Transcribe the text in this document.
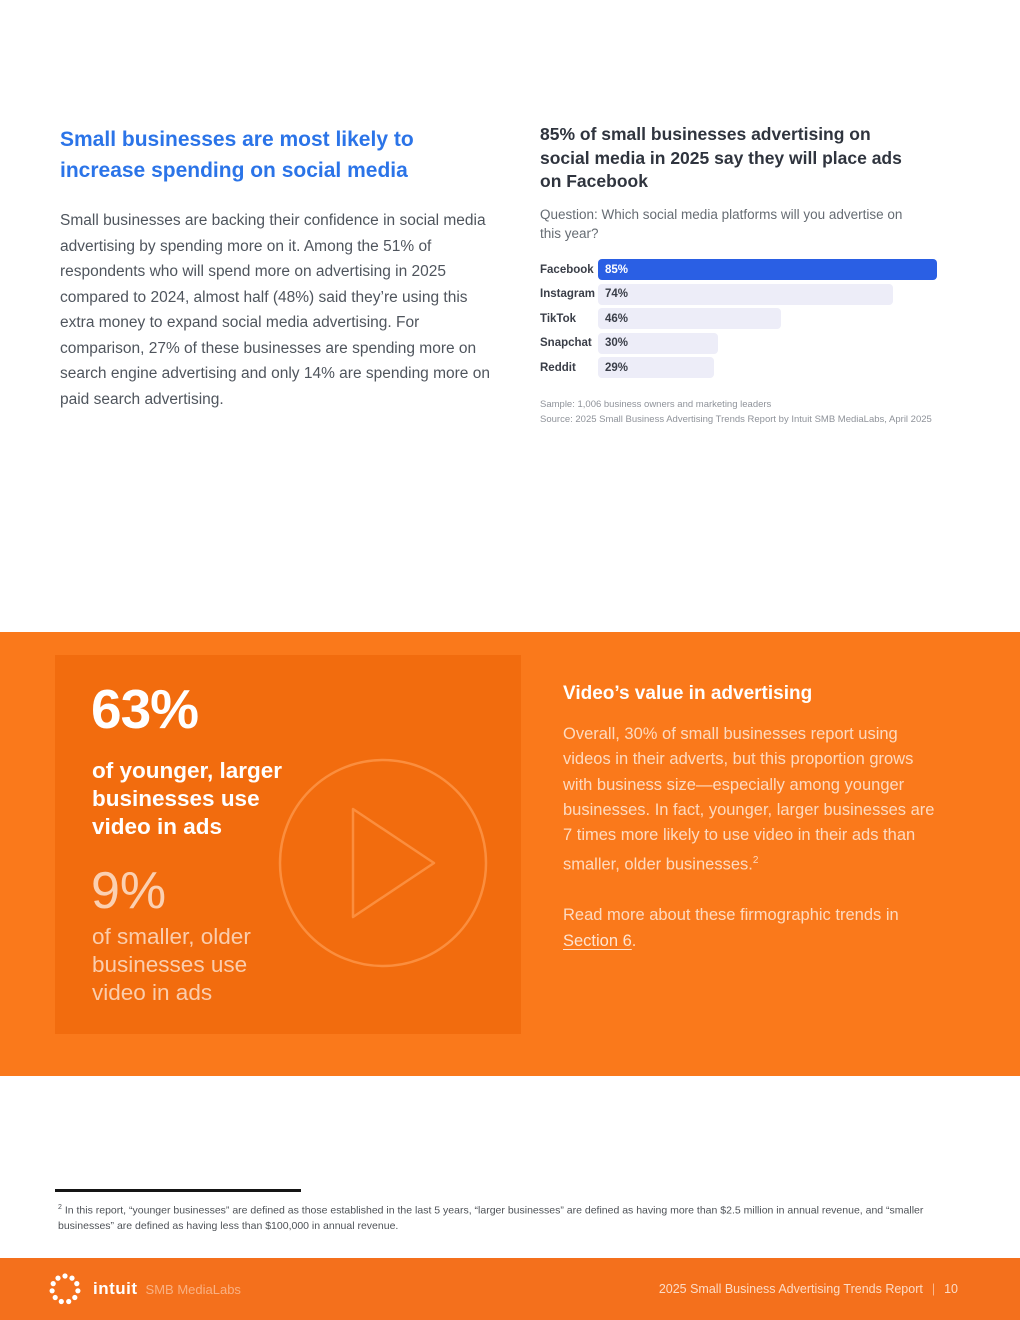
Small businesses are most likely to
increase spending on social media

Small businesses are backing their confidence in social media advertising by spending more on it. Among the 51% of respondents who will spend more on advertising in 2025 compared to 2024, almost half (48%) said they’re using this extra money to expand social media advertising. For comparison, 27% of these businesses are spending more on search engine advertising and only 14% are spending more on paid search advertising.

85% of small businesses advertising on
social media in 2025 say they will place ads
on Facebook
Question: Which social media platforms will you advertise on
this year?
Facebook 85%
Instagram 74%
TikTok	46%
Snapchat	30%
Reddit	29%
Sample: 1,006 business owners and marketing leaders
Source: 2025 Small Business Advertising Trends Report by Intuit SMB MediaLabs, April 2025
63%
of younger, larger
businesses use
video in ads
9%
of smaller, older
businesses use
video in ads
Video’s value in advertising

Overall, 30% of small businesses report using videos in their adverts, but this proportion grows with business size—especially among younger businesses. In fact, younger, larger businesses are 7 times more likely to use video in their ads than smaller, older businesses.$^2$

Read more about these firmographic trends in Section 6.

$^2$ In this report, “younger businesses” are defined as those established in the last 5 years, “larger businesses” are defined as having more than $2.5 million in annual revenue, and “smaller businesses” are defined as having less than $100,000 in annual revenue.

intuit SMB MediaLabs	2025 Small Business Advertising Trends Report | 10
